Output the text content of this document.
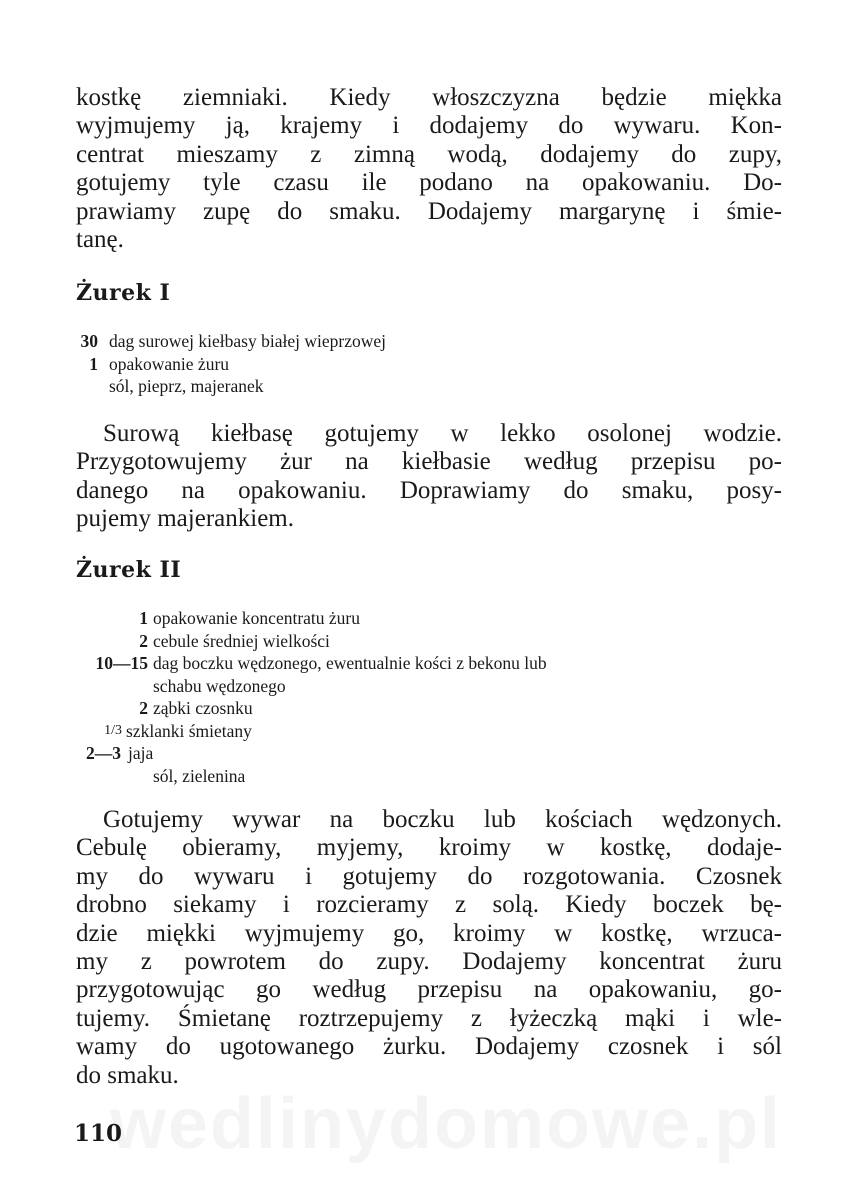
kostkę ziemniaki. Kiedy włoszczyzna będzie miękka
wyjmujemy ją, krajemy i dodajemy do wywaru. Kon-
centrat mieszamy z zimną wodą, dodajemy do zupy,
gotujemy tyle czasu ile podano na opakowaniu. Do-
prawiamy zupę do smaku. Dodajemy margarynę i śmie-
tanę.
Żurek I
30 dag surowej kiełbasy białej wieprzowej
1 opakowanie żuru
sól, pieprz, majeranek
Surową kiełbasę gotujemy w lekko osolonej wodzie.
Przygotowujemy żur na kiełbasie według przepisu po-
danego na opakowaniu. Doprawiamy do smaku, posy-
pujemy majerankiem.
Żurek II
1 opakowanie koncentratu żuru
2 cebule średniej wielkości
10—15 dag boczku wędzonego, ewentualnie kości z bekonu lub
schabu wędzonego
2 ząbki czosnku
1/3 szklanki śmietany
2—3 jaja
sól, zielenina
Gotujemy wywar na boczku lub kościach wędzonych.
Cebulę obieramy, myjemy, kroimy w kostkę, dodaje-
my do wywaru i gotujemy do rozgotowania. Czosnek
drobno siekamy i rozcieramy z solą. Kiedy boczek bę-
dzie miękki wyjmujemy go, kroimy w kostkę, wrzuca-
my z powrotem do zupy. Dodajemy koncentrat żuru
przygotowując go według przepisu na opakowaniu, go-
tujemy. Śmietanę roztrzepujemy z łyżeczką mąki i wle-
wamy do ugotowanego żurku. Dodajemy czosnek i sól
do smaku.
110
